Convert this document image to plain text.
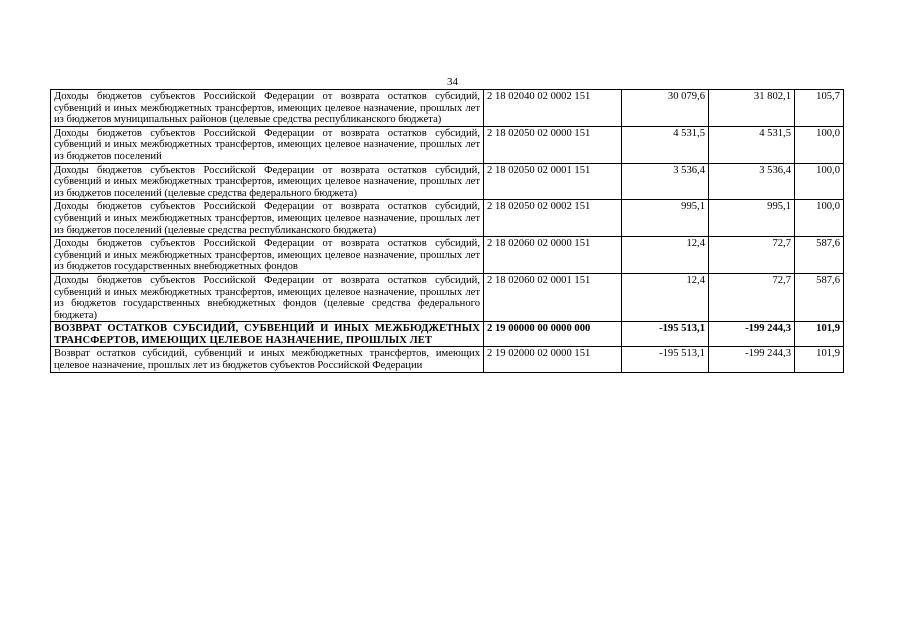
34
Доходы бюджетов субъектов Российской Федерации от возврата остатков субсидий, субвенций и иных межбюджетных трансфертов, имеющих целевое назначение, прошлых лет из бюджетов муниципальных районов (целевые средства республиканского бюджета)	2 18 02040 02 0002 151	30 079,6	31 802,1	105,7
Доходы бюджетов субъектов Российской Федерации от возврата остатков субсидий, субвенций и иных межбюджетных трансфертов, имеющих целевое назначение, прошлых лет из бюджетов поселений	2 18 02050 02 0000 151	4 531,5	4 531,5	100,0
Доходы бюджетов субъектов Российской Федерации от возврата остатков субсидий, субвенций и иных межбюджетных трансфертов, имеющих целевое назначение, прошлых лет из бюджетов поселений (целевые средства федерального бюджета)	2 18 02050 02 0001 151	3 536,4	3 536,4	100,0
Доходы бюджетов субъектов Российской Федерации от возврата остатков субсидий, субвенций и иных межбюджетных трансфертов, имеющих целевое назначение, прошлых лет из бюджетов поселений (целевые средства республиканского бюджета)	2 18 02050 02 0002 151	995,1	995,1	100,0
Доходы бюджетов субъектов Российской Федерации от возврата остатков субсидий, субвенций и иных межбюджетных трансфертов, имеющих целевое назначение, прошлых лет из бюджетов государственных внебюджетных фондов	2 18 02060 02 0000 151	12,4	72,7	587,6
Доходы бюджетов субъектов Российской Федерации от возврата остатков субсидий, субвенций и иных межбюджетных трансфертов, имеющих целевое назначение, прошлых лет из бюджетов государственных внебюджетных фондов (целевые средства федерального бюджета)	2 18 02060 02 0001 151	12,4	72,7	587,6
ВОЗВРАТ ОСТАТКОВ СУБСИДИЙ, СУБВЕНЦИЙ И ИНЫХ МЕЖБЮДЖЕТНЫХ ТРАНСФЕРТОВ, ИМЕЮЩИХ ЦЕЛЕВОЕ НАЗНАЧЕНИЕ, ПРОШЛЫХ ЛЕТ	2 19 00000 00 0000 000	-195 513,1	-199 244,3	101,9
Возврат остатков субсидий, субвенций и иных межбюджетных трансфертов, имеющих целевое назначение, прошлых лет из бюджетов субъектов Российской Федерации	2 19 02000 02 0000 151	-195 513,1	-199 244,3	101,9
